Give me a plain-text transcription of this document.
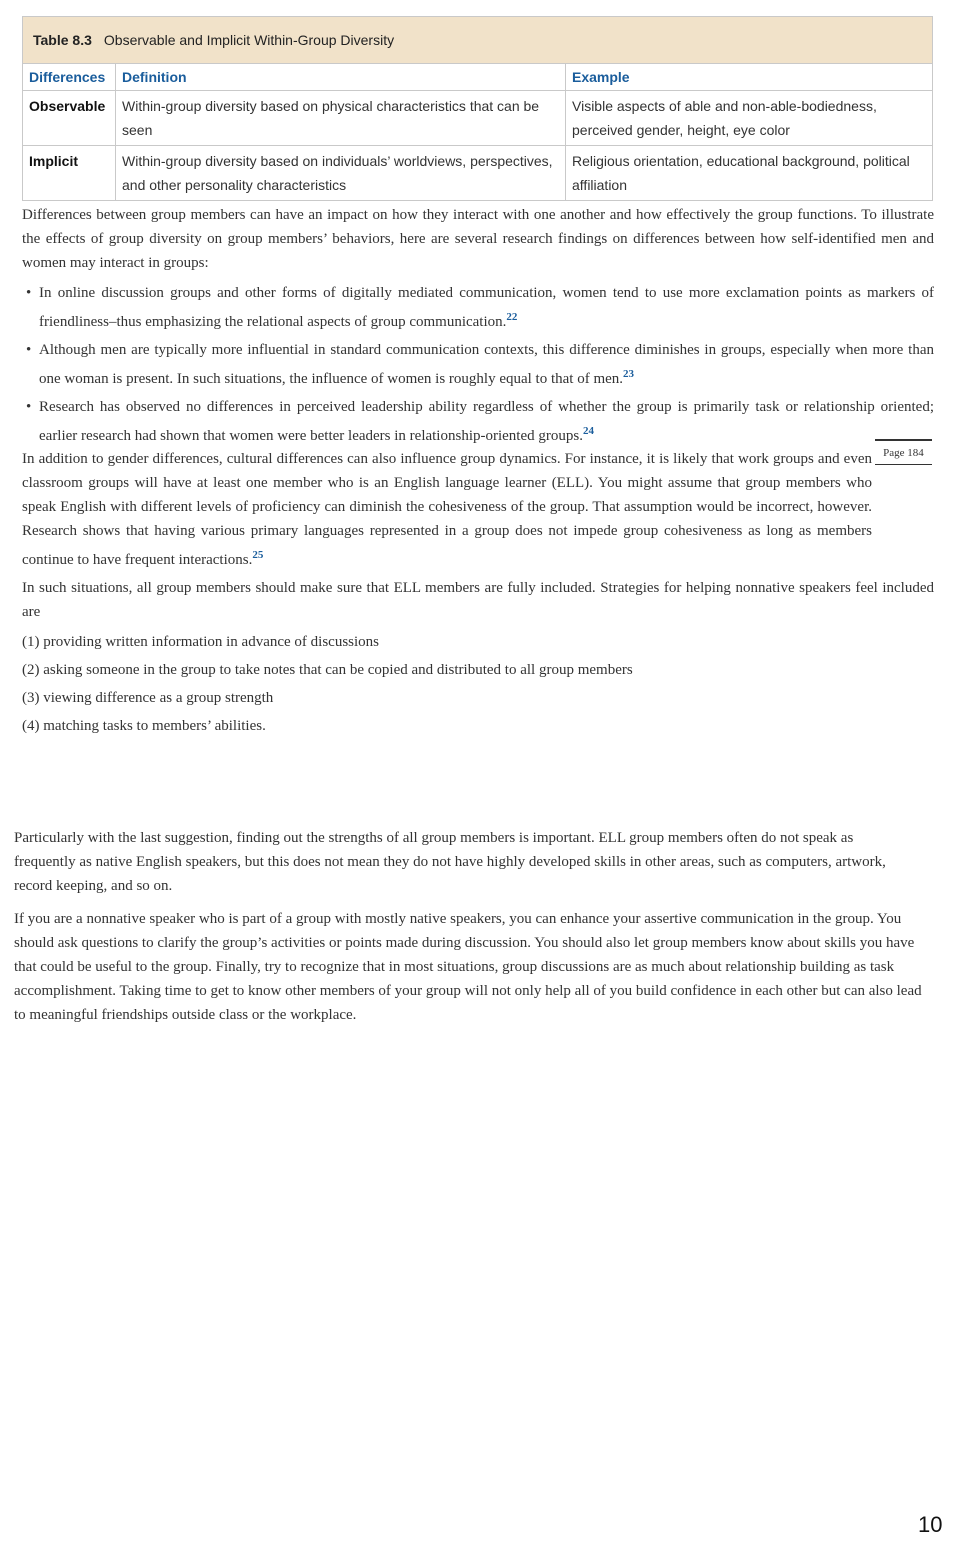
Table 8.3 Observable and Implicit Within-Group Diversity
Differences	Definition	Example
Observable	Within-group diversity based on physical characteristics that can be seen	Visible aspects of able and non-able-bodiedness, perceived gender, height, eye color
Implicit	Within-group diversity based on individuals’ worldviews, perspectives, and other personality characteristics	Religious orientation, educational background, political affiliation

Differences between group members can have an impact on how they interact with one another and how effectively the group functions. To illustrate the effects of group diversity on group members’ behaviors, here are several research findings on differences between how self-identified men and women may interact in groups:

• In online discussion groups and other forms of digitally mediated communication, women tend to use more exclamation points as markers of friendliness–thus emphasizing the relational aspects of group communication.$^{22}$
• Although men are typically more influential in standard communication contexts, this difference diminishes in groups, especially when more than one woman is present. In such situations, the influence of women is roughly equal to that of men.$^{23}$
• Research has observed no differences in perceived leadership ability regardless of whether the group is primarily task or relationship oriented; earlier research had shown that women were better leaders in relationship-oriented groups.$^{24}$
Page 184

In addition to gender differences, cultural differences can also influence group dynamics. For instance, it is likely that work groups and even classroom groups will have at least one member who is an English language learner (ELL). You might assume that group members who speak English with different levels of proficiency can diminish the cohesiveness of the group. That assumption would be incorrect, however. Research shows that having various primary languages represented in a group does not impede group cohesiveness as long as members continue to have frequent interactions.$^{25}$

In such situations, all group members should make sure that ELL members are fully included. Strategies for helping nonnative speakers feel included are

(1) providing written information in advance of discussions
(2) asking someone in the group to take notes that can be copied and distributed to all group members
(3) viewing difference as a group strength
(4) matching tasks to members’ abilities.

Particularly with the last suggestion, finding out the strengths of all group members is important. ELL group members often do not speak as frequently as native English speakers, but this does not mean they do not have highly developed skills in other areas, such as computers, artwork, record keeping, and so on.

If you are a nonnative speaker who is part of a group with mostly native speakers, you can enhance your assertive communication in the group. You should ask questions to clarify the group’s activities or points made during discussion. You should also let group members know about skills you have that could be useful to the group. Finally, try to recognize that in most situations, group discussions are as much about relationship building as task accomplishment. Taking time to get to know other members of your group will not only help all of you build confidence in each other but can also lead to meaningful friendships outside class or the workplace.

10
